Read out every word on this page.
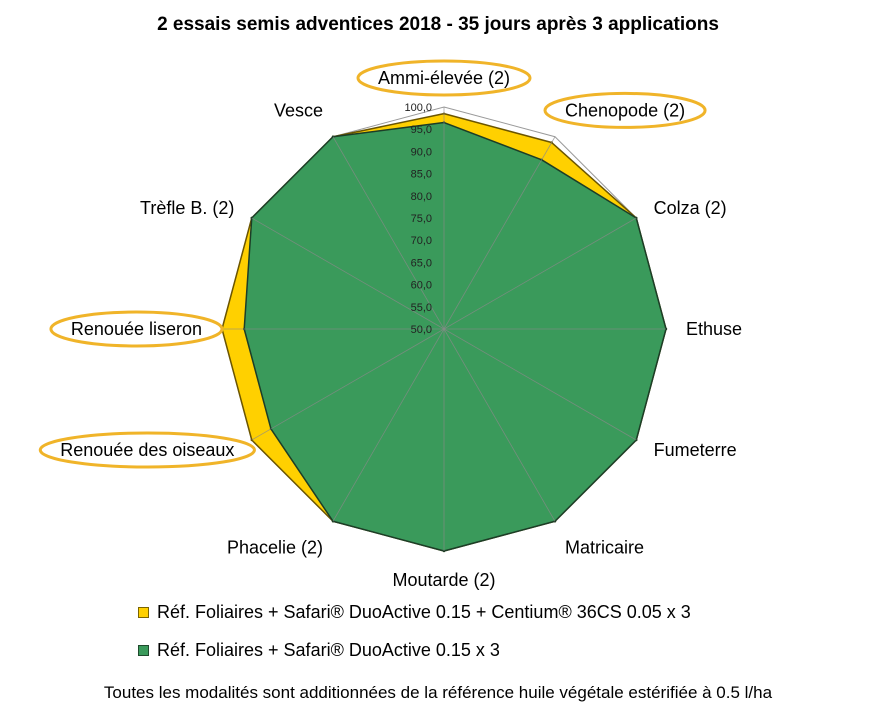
2 essais semis adventices 2018 - 35 jours après 3 applications
50,0
55,0
60,0
65,0
70,0
75,0
80,0
85,0
90,0
95,0
100,0
Ammi-élevée (2)
Chenopode (2)
Colza (2)
Ethuse
Fumeterre
Matricaire
Moutarde (2)
Phacelie (2)
Renouée des oiseaux
Renouée liseron
Trèfle B. (2)
Vesce
Réf. Foliaires + Safari® DuoActive 0.15 + Centium® 36CS 0.05 x 3
Réf. Foliaires + Safari® DuoActive 0.15 x 3
Toutes les modalités sont additionnées de la référence huile végétale estérifiée à 0.5 l/ha
